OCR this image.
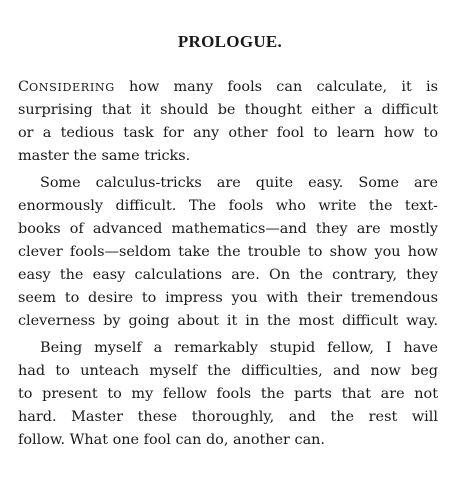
PROLOGUE.
CONSIDERING how many fools can calculate, it is
surprising that it should be thought either a difficult
or a tedious task for any other fool to learn how to
master the same tricks.
Some calculus-tricks are quite easy. Some are
enormously difficult. The fools who write the text-
books of advanced mathematics—and they are mostly
clever fools—seldom take the trouble to show you how
easy the easy calculations are. On the contrary, they
seem to desire to impress you with their tremendous
cleverness by going about it in the most difficult way.
Being myself a remarkably stupid fellow, I have
had to unteach myself the difficulties, and now beg
to present to my fellow fools the parts that are not
hard. Master these thoroughly, and the rest will
follow. What one fool can do, another can.
